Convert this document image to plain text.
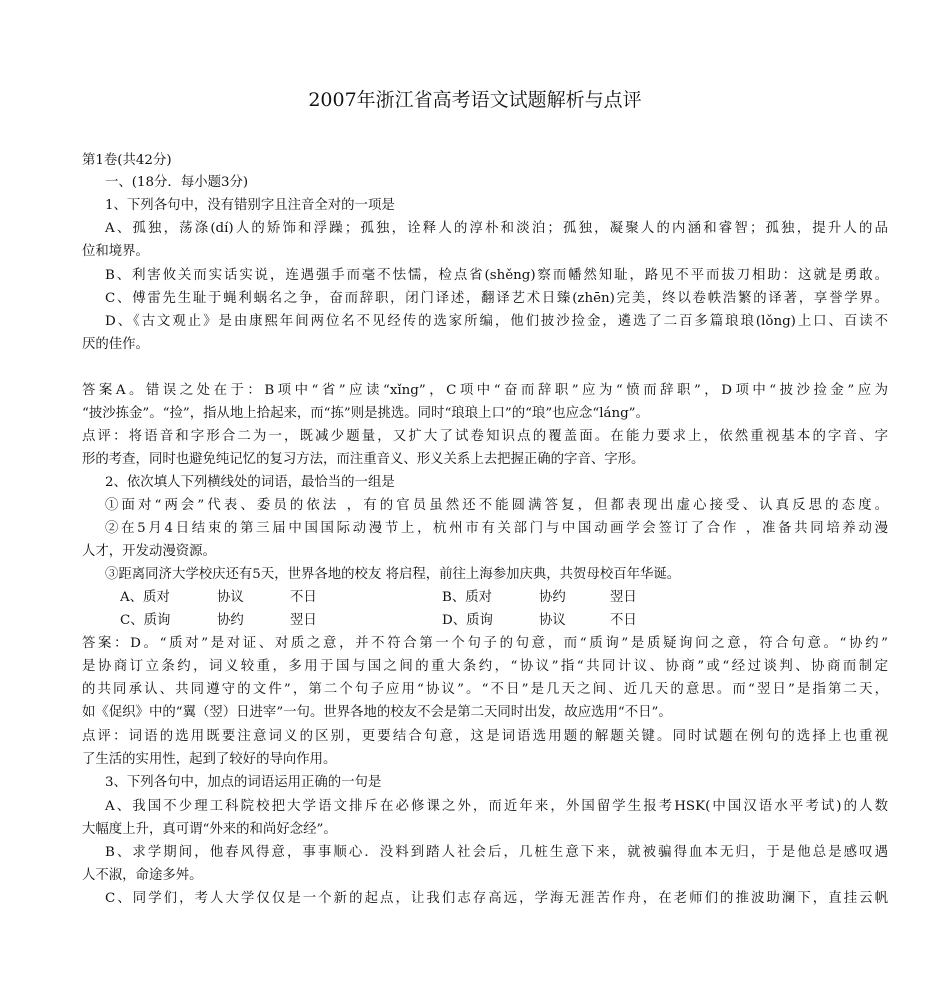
2007年浙江省高考语文试题解析与点评

第1卷(共42分)

一、(18分．每小题3分)

1、下列各句中，没有错别字且注音全对的一项是

A、孤独，荡涤(dí)人的矫饰和浮躁；孤独，诠释人的淳朴和淡泊；孤独，凝聚人的内涵和睿智；孤独，提升人的品

位和境界。

B、利害攸关而实话实说，连遇强手而毫不怯懦，检点省(shěng)察而幡然知耻，路见不平而拔刀相助：这就是勇敢。

C、傅雷先生耻于蝇利蜗名之争，奋而辞职，闭门译述，翻译艺术日臻(zhēn)完美，终以卷帙浩繁的译著，享誉学界。

D、《古文观止》是由康熙年间两位名不见经传的选家所编，他们披沙捡金，遴选了二百多篇琅琅(lǒng)上口、百读不

厌的佳作。

答案A。错误之处在于：B项中“省”应读“xǐng”，C项中“奋而辞职”应为“愤而辞职”，D项中“披沙捡金”应为

“披沙拣金”。“捡”，指从地上拾起来，而“拣”则是挑选。同时“琅琅上口”的“琅”也应念“láng”。

点评：将语音和字形合二为一，既减少题量，又扩大了试卷知识点的覆盖面。在能力要求上，依然重视基本的字音、字

形的考查，同时也避免纯记忆的复习方法，而注重音义、形义关系上去把握正确的字音、字形。

2、依次填人下列横线处的词语，最恰当的一组是

①面对“两会”代表、委员的依法 ，有的官员虽然还不能圆满答复，但都表现出虚心接受、认真反思的态度。

②在5月4日结束的第三届中国国际动漫节上，杭州市有关部门与中国动画学会签订了合作 ，准备共同培养动漫

人才，开发动漫资源。

③距离同济大学校庆还有5天，世界各地的校友 将启程，前往上海参加庆典，共贺母校百年华诞。

A、质对	协议	不日	B、质对	协约	翌日
C、质询	协约	翌日	D、质询	协议	不日

答案：D。“质对”是对证、对质之意，并不符合第一个句子的句意，而“质询”是质疑询问之意，符合句意。“协约”

是协商订立条约，词义较重，多用于国与国之间的重大条约，“协议”指“共同计议、协商”或“经过谈判、协商而制定

的共同承认、共同遵守的文件”，第二个句子应用“协议”。“不日”是几天之间、近几天的意思。而“翌日”是指第二天，

如《促织》中的“翼（翌）日进宰”一句。世界各地的校友不会是第二天同时出发，故应选用“不日”。

点评：词语的选用既要注意词义的区别，更要结合句意，这是词语选用题的解题关键。同时试题在例句的选择上也重视

了生活的实用性，起到了较好的导向作用。

3、下列各句中，加点的词语运用正确的一句是

A、我国不少理工科院校把大学语文排斥在必修课之外，而近年来，外国留学生报考HSK(中国汉语水平考试)的人数

大幅度上升，真可谓“外来的和尚好念经”。

B、求学期间，他春风得意，事事顺心．没料到踏人社会后，几桩生意下来，就被骗得血本无归，于是他总是感叹遇

人不淑，命途多舛。

C、同学们，考人大学仅仅是一个新的起点，让我们志存高远，学海无涯苦作舟，在老师们的推波助澜下，直挂云帆
